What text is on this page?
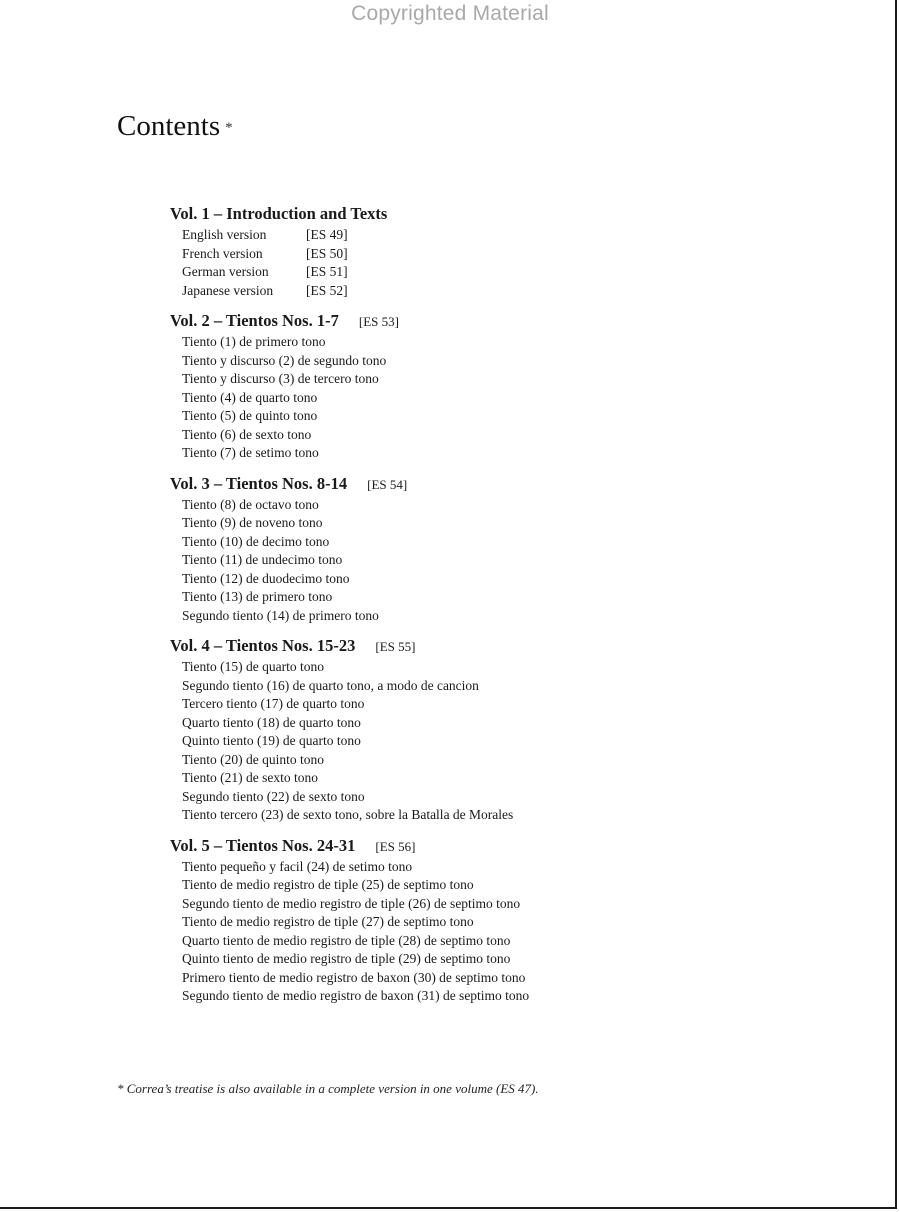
Copyrighted Material
Contents *
Vol. 1 – Introduction and Texts
English version	[ES 49]
French version	[ES 50]
German version	[ES 51]
Japanese version [ES 52]
Vol. 2 – Tientos Nos. 1-7 [ES 53]
Tiento (1) de primero tono
Tiento y discurso (2) de segundo tono
Tiento y discurso (3) de tercero tono
Tiento (4) de quarto tono
Tiento (5) de quinto tono
Tiento (6) de sexto tono
Tiento (7) de setimo tono
Vol. 3 – Tientos Nos. 8-14 [ES 54]
Tiento (8) de octavo tono
Tiento (9) de noveno tono
Tiento (10) de decimo tono
Tiento (11) de undecimo tono
Tiento (12) de duodecimo tono
Tiento (13) de primero tono
Segundo tiento (14) de primero tono
Vol. 4 – Tientos Nos. 15-23 [ES 55]
Tiento (15) de quarto tono
Segundo tiento (16) de quarto tono, a modo de cancion
Tercero tiento (17) de quarto tono
Quarto tiento (18) de quarto tono
Quinto tiento (19) de quarto tono
Tiento (20) de quinto tono
Tiento (21) de sexto tono
Segundo tiento (22) de sexto tono
Tiento tercero (23) de sexto tono, sobre la Batalla de Morales
Vol. 5 – Tientos Nos. 24-31 [ES 56]
Tiento pequeño y facil (24) de setimo tono
Tiento de medio registro de tiple (25) de septimo tono
Segundo tiento de medio registro de tiple (26) de septimo tono
Tiento de medio registro de tiple (27) de septimo tono
Quarto tiento de medio registro de tiple (28) de septimo tono
Quinto tiento de medio registro de tiple (29) de septimo tono
Primero tiento de medio registro de baxon (30) de septimo tono
Segundo tiento de medio registro de baxon (31) de septimo tono
* Correa’s treatise is also available in a complete version in one volume (ES 47).
